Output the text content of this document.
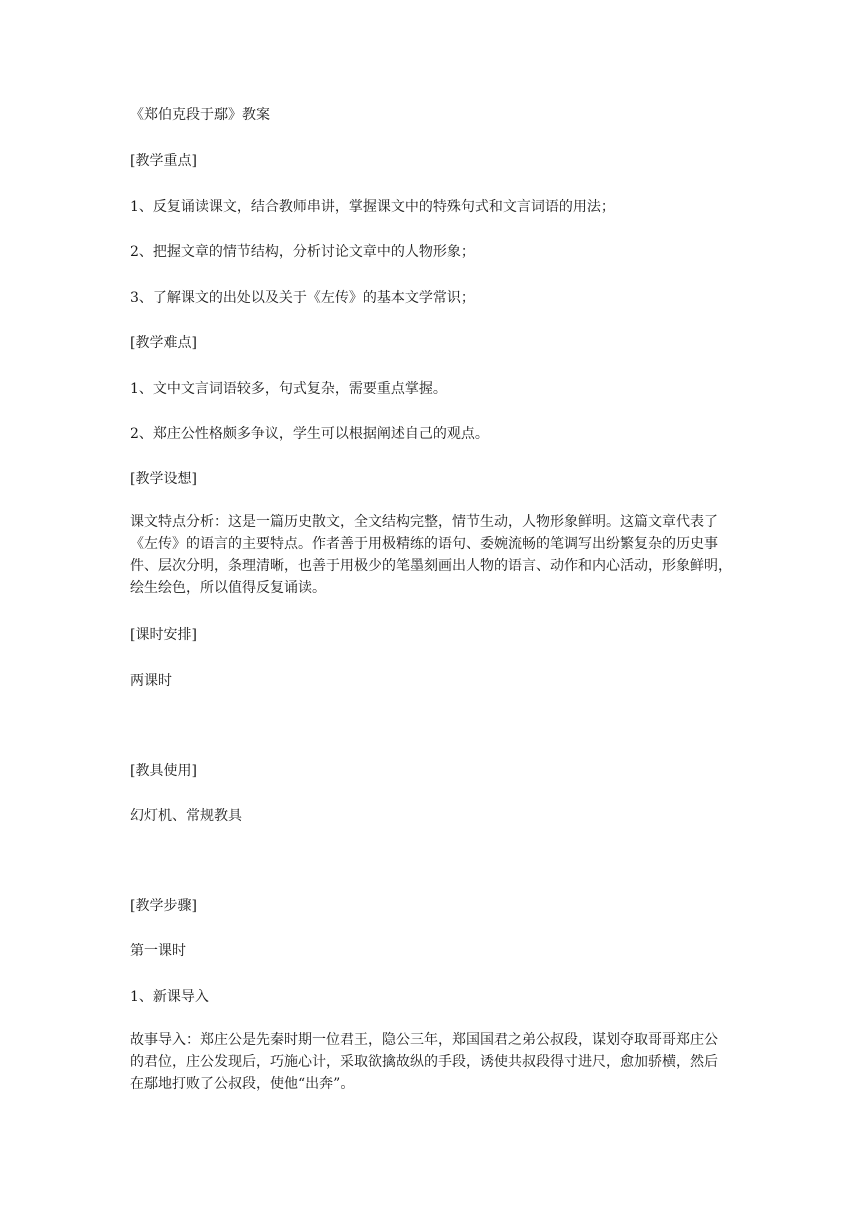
《郑伯克段于鄢》教案
[教学重点]
1、反复诵读课文，结合教师串讲，掌握课文中的特殊句式和文言词语的用法；
2、把握文章的情节结构，分析讨论文章中的人物形象；
3、了解课文的出处以及关于《左传》的基本文学常识；
[教学难点]
1、文中文言词语较多，句式复杂，需要重点掌握。
2、郑庄公性格颇多争议，学生可以根据阐述自己的观点。
[教学设想]
课文特点分析：这是一篇历史散文，全文结构完整，情节生动，人物形象鲜明。这篇文章代表了
《左传》的语言的主要特点。作者善于用极精练的语句、委婉流畅的笔调写出纷繁复杂的历史事
件、层次分明，条理清晰，也善于用极少的笔墨刻画出人物的语言、动作和内心活动，形象鲜明，
绘生绘色，所以值得反复诵读。
[课时安排]
两课时
[教具使用]
幻灯机、常规教具
[教学步骤]
第一课时
1、新课导入
故事导入：郑庄公是先秦时期一位君王，隐公三年，郑国国君之弟公叔段，谋划夺取哥哥郑庄公
的君位，庄公发现后，巧施心计，采取欲擒故纵的手段，诱使共叔段得寸进尺，愈加骄横，然后
在鄢地打败了公叔段，使他“出奔”。
